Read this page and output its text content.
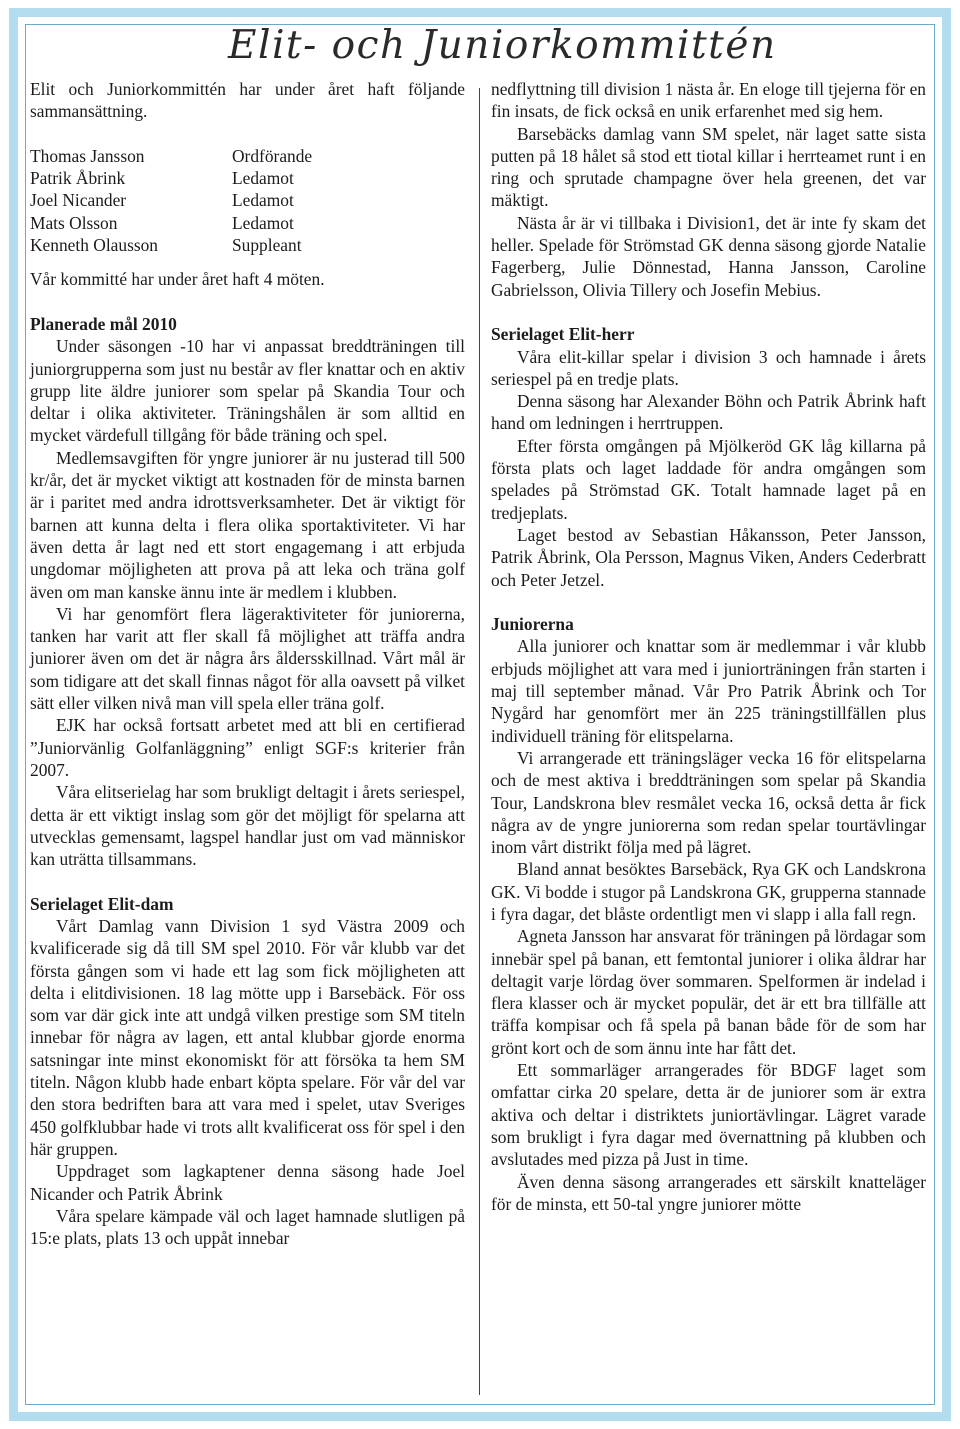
Elit- och Juniorkommittén

Elit och Juniorkommittén har under året haft följande sammansättning.

Thomas Jansson	Ordförande
Patrik Åbrink	Ledamot
Joel Nicander	Ledamot
Mats Olsson	Ledamot
Kenneth Olausson	Suppleant

Vår kommitté har under året haft 4 möten.

Planerade mål 2010

Under säsongen -10 har vi anpassat breddträningen till juniorgrupperna som just nu består av fler knattar och en aktiv grupp lite äldre juniorer som spelar på Skandia Tour och deltar i olika aktiviteter. Träningshålen är som alltid en mycket värdefull tillgång för både träning och spel.

Medlemsavgiften för yngre juniorer är nu justerad till 500 kr/år, det är mycket viktigt att kostnaden för de minsta barnen är i paritet med andra idrottsverksamheter. Det är viktigt för barnen att kunna delta i flera olika sportaktiviteter. Vi har även detta år lagt ned ett stort engagemang i att erbjuda ungdomar möjligheten att prova på att leka och träna golf även om man kanske ännu inte är medlem i klubben.

Vi har genomfört flera lägeraktiviteter för juniorerna, tanken har varit att fler skall få möjlighet att träffa andra juniorer även om det är några års åldersskillnad. Vårt mål är som tidigare att det skall finnas något för alla oavsett på vilket sätt eller vilken nivå man vill spela eller träna golf.

EJK har också fortsatt arbetet med att bli en certifierad ”Juniorvänlig Golfanläggning” enligt SGF:s kriterier från 2007.

Våra elitserielag har som brukligt deltagit i årets seriespel, detta är ett viktigt inslag som gör det möjligt för spelarna att utvecklas gemensamt, lagspel handlar just om vad människor kan uträtta tillsammans.

Serielaget Elit-dam

Vårt Damlag vann Division 1 syd Västra 2009 och kvalificerade sig då till SM spel 2010. För vår klubb var det första gången som vi hade ett lag som fick möjligheten att delta i elitdivisionen. 18 lag mötte upp i Barsebäck. För oss som var där gick inte att undgå vilken prestige som SM titeln innebar för några av lagen, ett antal klubbar gjorde enorma satsningar inte minst ekonomiskt för att försöka ta hem SM titeln. Någon klubb hade enbart köpta spelare. För vår del var den stora bedriften bara att vara med i spelet, utav Sveriges 450 golfklubbar hade vi trots allt kvalificerat oss för spel i den här gruppen.

Uppdraget som lagkaptener denna säsong hade Joel Nicander och Patrik Åbrink

Våra spelare kämpade väl och laget hamnade slutligen på 15:e plats, plats 13 och uppåt innebar

nedflyttning till division 1 nästa år. En eloge till tjejerna för en fin insats, de fick också en unik erfarenhet med sig hem.

Barsebäcks damlag vann SM spelet, när laget satte sista putten på 18 hålet så stod ett tiotal killar i herrteamet runt i en ring och sprutade champagne över hela greenen, det var mäktigt.

Nästa år är vi tillbaka i Division1, det är inte fy skam det heller. Spelade för Strömstad GK denna säsong gjorde Natalie Fagerberg, Julie Dönnestad, Hanna Jansson, Caroline Gabrielsson, Olivia Tillery och Josefin Mebius.

Serielaget Elit-herr

Våra elit-killar spelar i division 3 och hamnade i årets seriespel på en tredje plats.

Denna säsong har Alexander Böhn och Patrik Åbrink haft hand om ledningen i herrtruppen.

Efter första omgången på Mjölkeröd GK låg killarna på första plats och laget laddade för andra omgången som spelades på Strömstad GK. Totalt hamnade laget på en tredjeplats.

Laget bestod av Sebastian Håkansson, Peter Jansson, Patrik Åbrink, Ola Persson, Magnus Viken, Anders Cederbratt och Peter Jetzel.

Juniorerna

Alla juniorer och knattar som är medlemmar i vår klubb erbjuds möjlighet att vara med i juniorträningen från starten i maj till september månad. Vår Pro Patrik Åbrink och Tor Nygård har genomfört mer än 225 träningstillfällen plus individuell träning för elitspelarna.

Vi arrangerade ett träningsläger vecka 16 för elitspelarna och de mest aktiva i breddträningen som spelar på Skandia Tour, Landskrona blev resmålet vecka 16, också detta år fick några av de yngre juniorerna som redan spelar tourtävlingar inom vårt distrikt följa med på lägret.

Bland annat besöktes Barsebäck, Rya GK och Landskrona GK. Vi bodde i stugor på Landskrona GK, grupperna stannade i fyra dagar, det blåste ordentligt men vi slapp i alla fall regn.

Agneta Jansson har ansvarat för träningen på lördagar som innebär spel på banan, ett femtontal juniorer i olika åldrar har deltagit varje lördag över sommaren. Spelformen är indelad i flera klasser och är mycket populär, det är ett bra tillfälle att träffa kompisar och få spela på banan både för de som har grönt kort och de som ännu inte har fått det.

Ett sommarläger arrangerades för BDGF laget som omfattar cirka 20 spelare, detta är de juniorer som är extra aktiva och deltar i distriktets juniortävlingar. Lägret varade som brukligt i fyra dagar med övernattning på klubben och avslutades med pizza på Just in time.

Även denna säsong arrangerades ett särskilt knatteläger för de minsta, ett 50-tal yngre juniorer mötte
